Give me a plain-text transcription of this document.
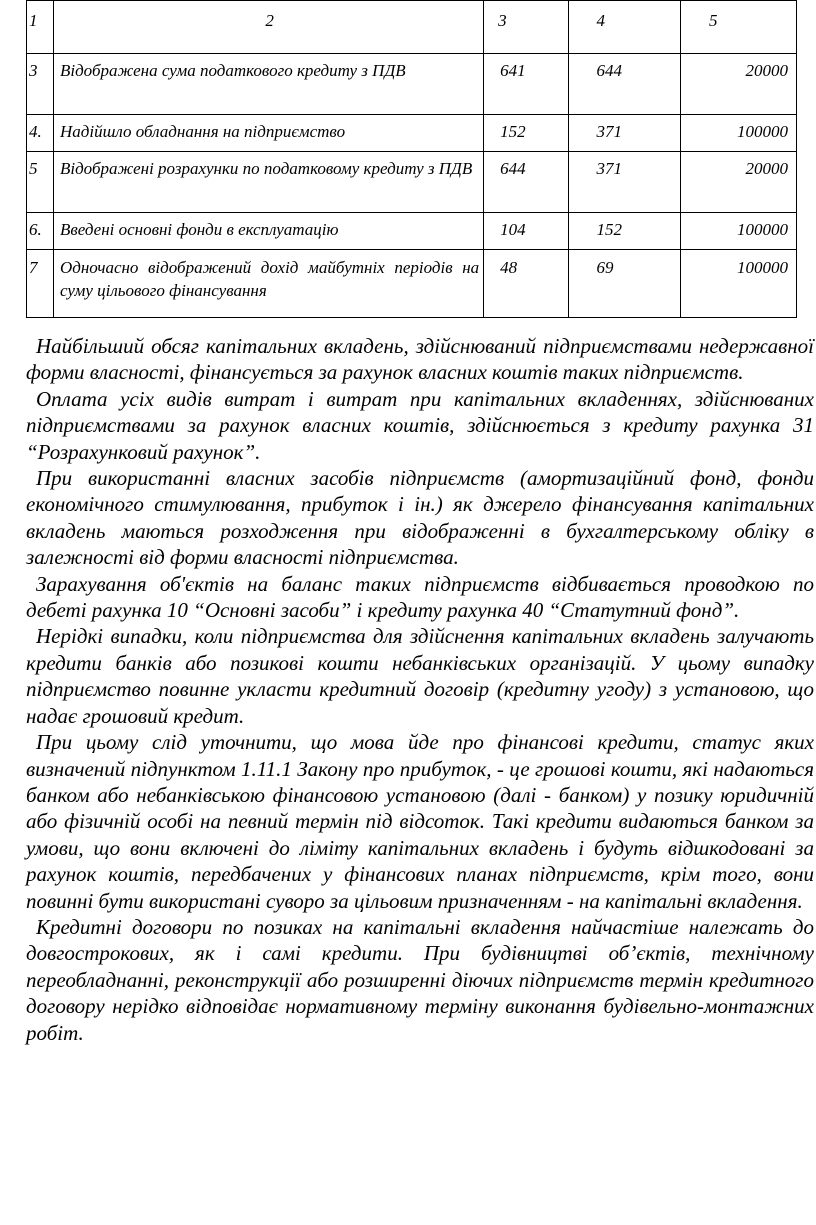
1	2	3	4	5
3	Відображена сума податкового кредиту з ПДВ	641	644	20000
4.	Надійшло обладнання на підприємство	152	371	100000
5	Відображені розрахунки по податковому кредиту з ПДВ	644	371	20000
6.	Введені основні фонди в експлуатацію	104	152	100000
7	Одночасно відображений дохід майбутніх періодів на суму цільового фінансування	48	69	100000

Найбільший обсяг капітальних вкладень, здійснюваний підприємствами недержавної форми власності, фінансується за рахунок власних коштів таких підприємств.

Оплата усіх видів витрат і витрат при капітальних вкладеннях, здійснюваних підприємствами за рахунок власних коштів, здійснюється з кредиту рахунка 31 “Розрахунковий рахунок”.

При використанні власних засобів підприємств (амортизаційний фонд, фонди економічного стимулювання, прибуток і ін.) як джерело фінансування капітальних вкладень маються розходження при відображенні в бухгалтерському обліку в залежності від форми власності підприємства.

Зарахування об'єктів на баланс таких підприємств відбивається проводкою по дебеті рахунка 10 “Основні засоби” і кредиту рахунка 40 “Статутний фонд”.

Нерідкі випадки, коли підприємства для здійснення капітальних вкладень залучають кредити банків або позикові кошти небанківських організацій. У цьому випадку підприємство повинне укласти кредитний договір (кредитну угоду) з установою, що надає грошовий кредит.

При цьому слід уточнити, що мова йде про фінансові кредити, статус яких визначений підпунктом 1.11.1 Закону про прибуток, - це грошові кошти, які надаються банком або небанківською фінансовою установою (далі - банком) у позику юридичній або фізичній особі на певний термін під відсоток. Такі кредити видаються банком за умови, що вони включені до ліміту капітальних вкладень і будуть відшкодовані за рахунок коштів, передбачених у фінансових планах підприємств, крім того, вони повинні бути використані суворо за цільовим призначенням - на капітальні вкладення.

Кредитні договори по позиках на капітальні вкладення найчастіше належать до довгострокових, як і самі кредити. При будівництві об’єктів, технічному переобладнанні, реконструкції або розширенні діючих підприємств термін кредитного договору нерідко відповідає нормативному терміну виконання будівельно-монтажних робіт.
